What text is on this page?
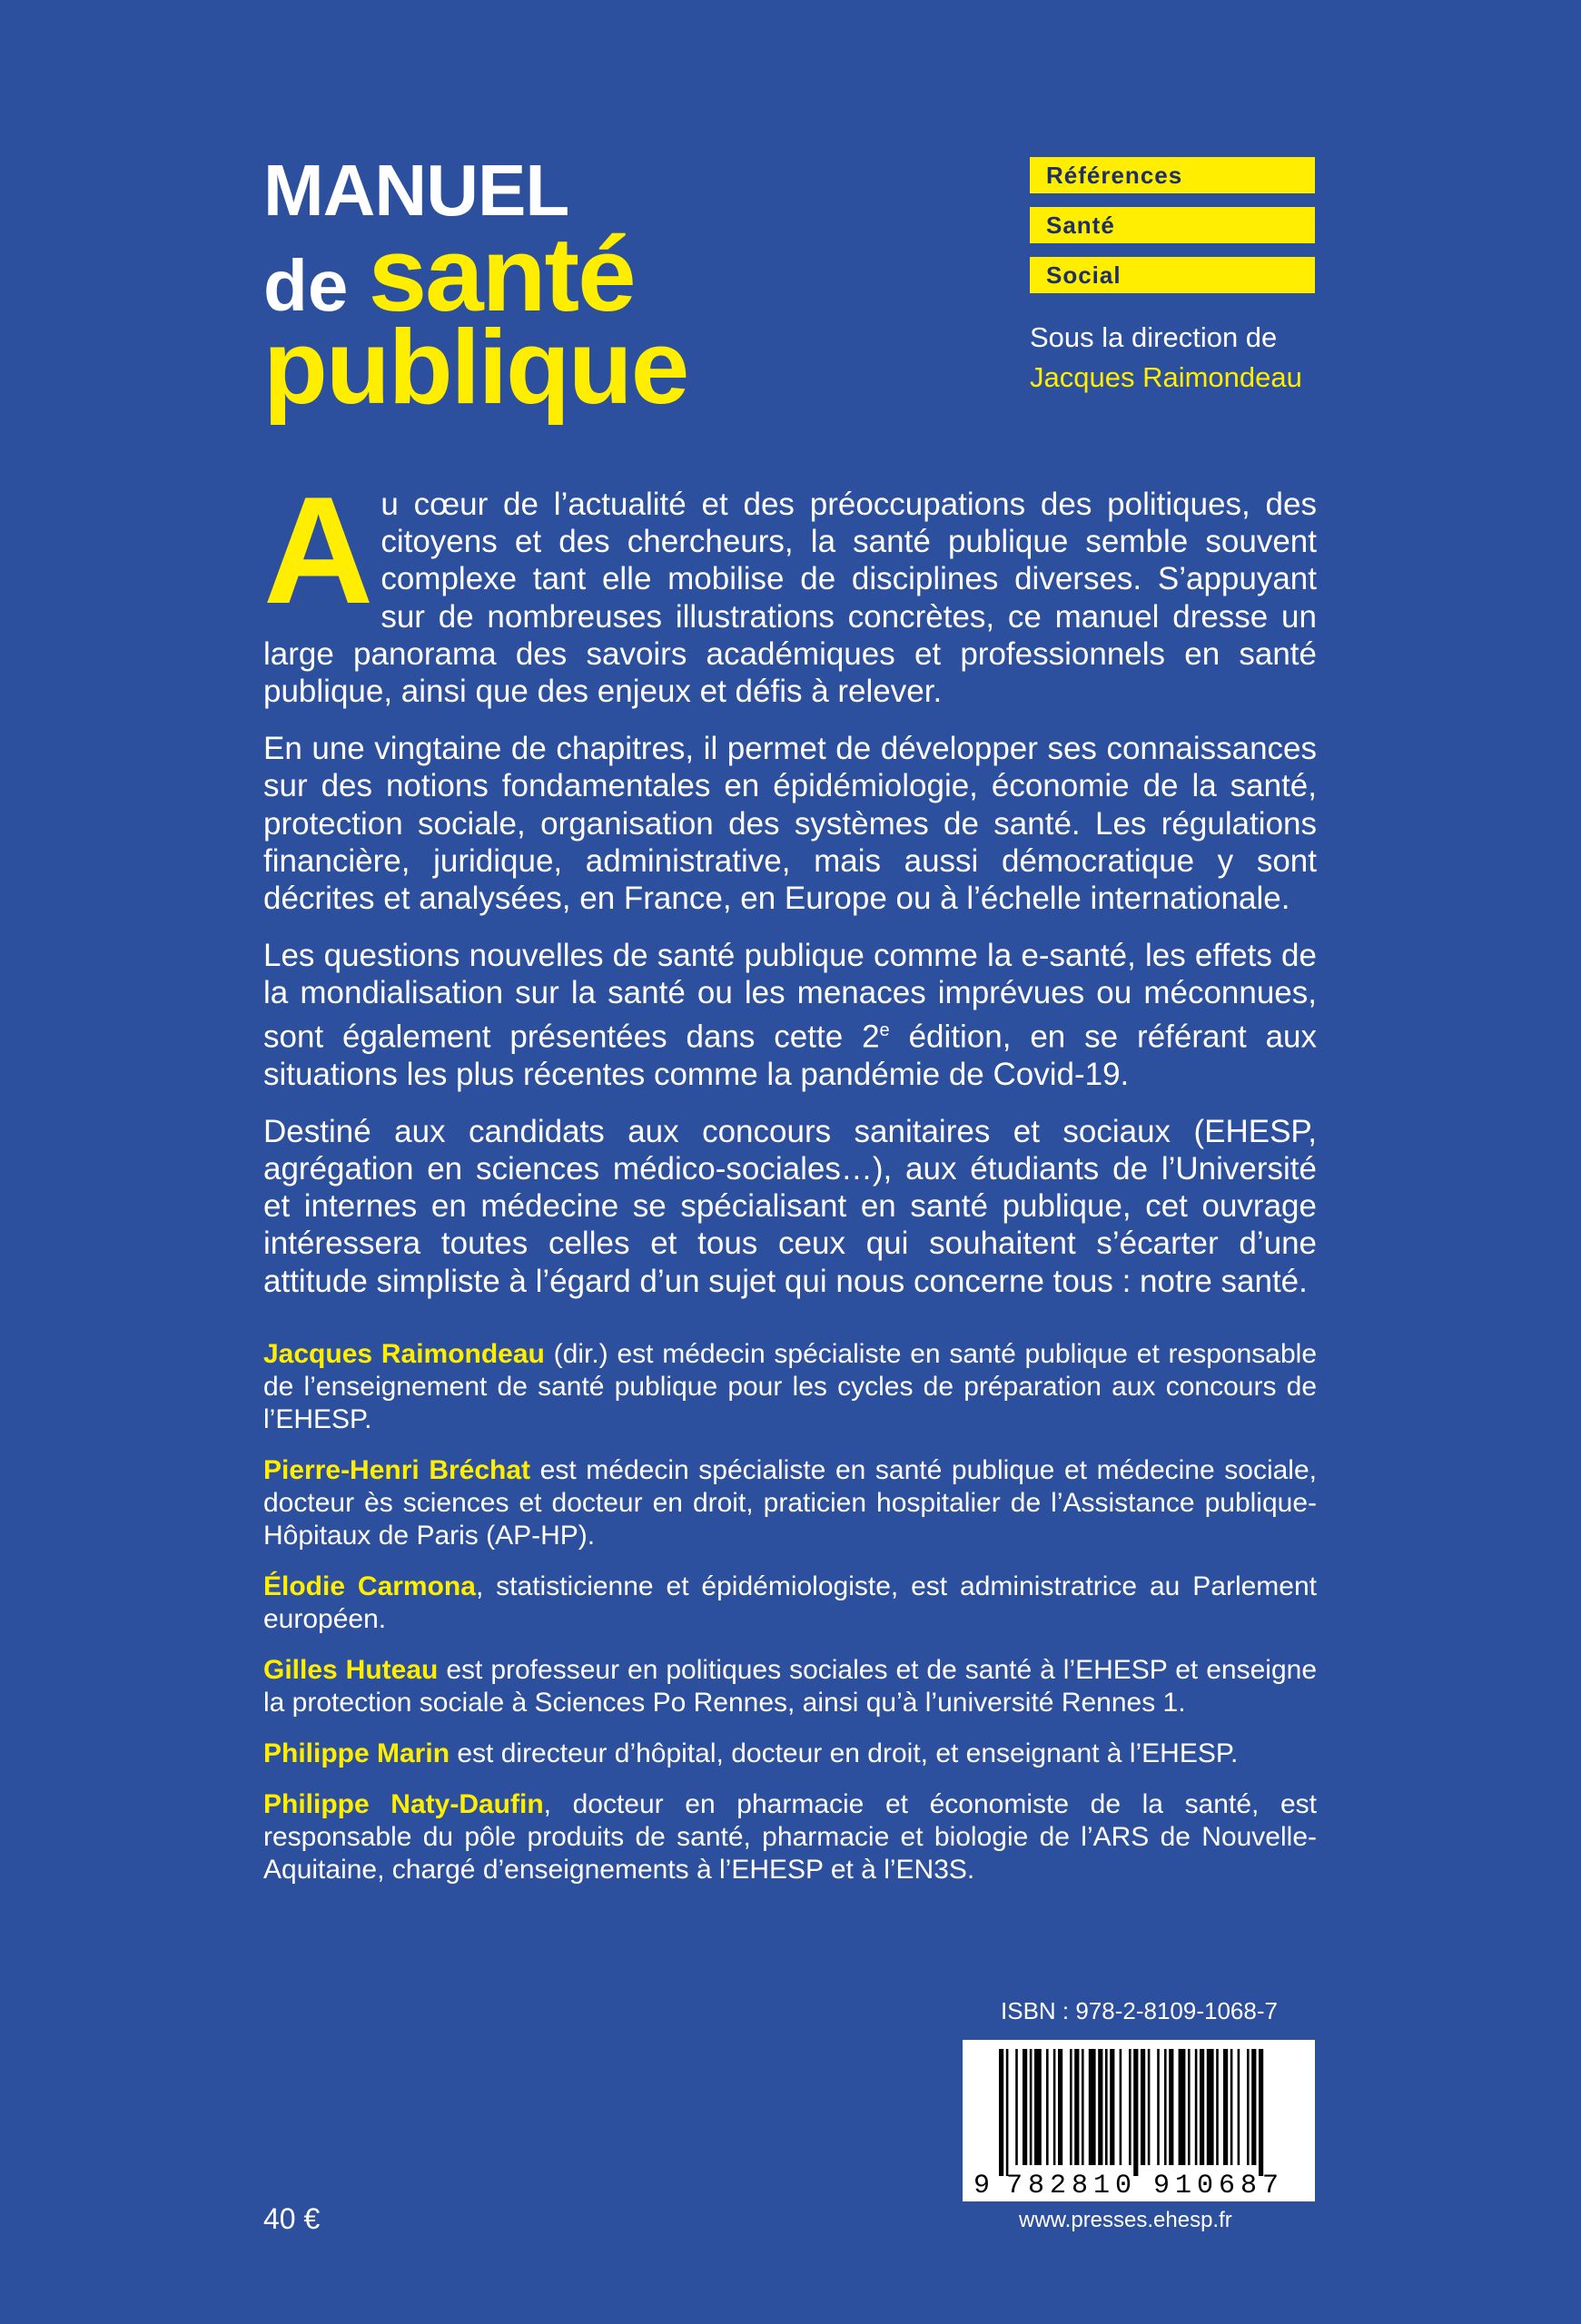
MANUEL
de santé
publique
Références
Santé
Social
Sous la direction de
Jacques Raimondeau

Au cœur de l’actualité et des préoccupations des politiques, des citoyens et des chercheurs, la santé publique semble souvent complexe tant elle mobilise de disciplines diverses. S’appuyant sur de nombreuses illustrations concrètes, ce manuel dresse un large panorama des savoirs académiques et professionnels en santé publique, ainsi que des enjeux et défis à relever.

En une vingtaine de chapitres, il permet de développer ses connaissances sur des notions fondamentales en épidémiologie, économie de la santé, protection sociale, organisation des systèmes de santé. Les régulations financière, juridique, administrative, mais aussi démocratique y sont décrites et analysées, en France, en Europe ou à l’échelle internationale.

Les questions nouvelles de santé publique comme la e-santé, les effets de la mondialisation sur la santé ou les menaces imprévues ou méconnues, sont également présentées dans cette 2e édition, en se référant aux situations les plus récentes comme la pandémie de Covid-19.

Destiné aux candidats aux concours sanitaires et sociaux (EHESP, agrégation en sciences médico-sociales…), aux étudiants de l’Université et internes en médecine se spécialisant en santé publique, cet ouvrage intéressera toutes celles et tous ceux qui souhaitent s’écarter d’une attitude simpliste à l’égard d’un sujet qui nous concerne tous : notre santé.

Jacques Raimondeau (dir.) est médecin spécialiste en santé publique et responsable de l’enseignement de santé publique pour les cycles de préparation aux concours de l’EHESP.

Pierre-Henri Bréchat est médecin spécialiste en santé publique et médecine sociale, docteur ès sciences et docteur en droit, praticien hospitalier de l’Assistance publique-Hôpitaux de Paris (AP-HP).

Élodie Carmona, statisticienne et épidémiologiste, est administratrice au Parlement européen.

Gilles Huteau est professeur en politiques sociales et de santé à l’EHESP et enseigne la protection sociale à Sciences Po Rennes, ainsi qu’à l’université Rennes 1.

Philippe Marin est directeur d’hôpital, docteur en droit, et enseignant à l’EHESP.

Philippe Naty-Daufin, docteur en pharmacie et économiste de la santé, est responsable du pôle produits de santé, pharmacie et biologie de l’ARS de Nouvelle-Aquitaine, chargé d’enseignements à l’EHESP et à l’EN3S.

ISBN : 978-2-8109-1068-7
9 782810 910687
40 €	www.presses.ehesp.fr
